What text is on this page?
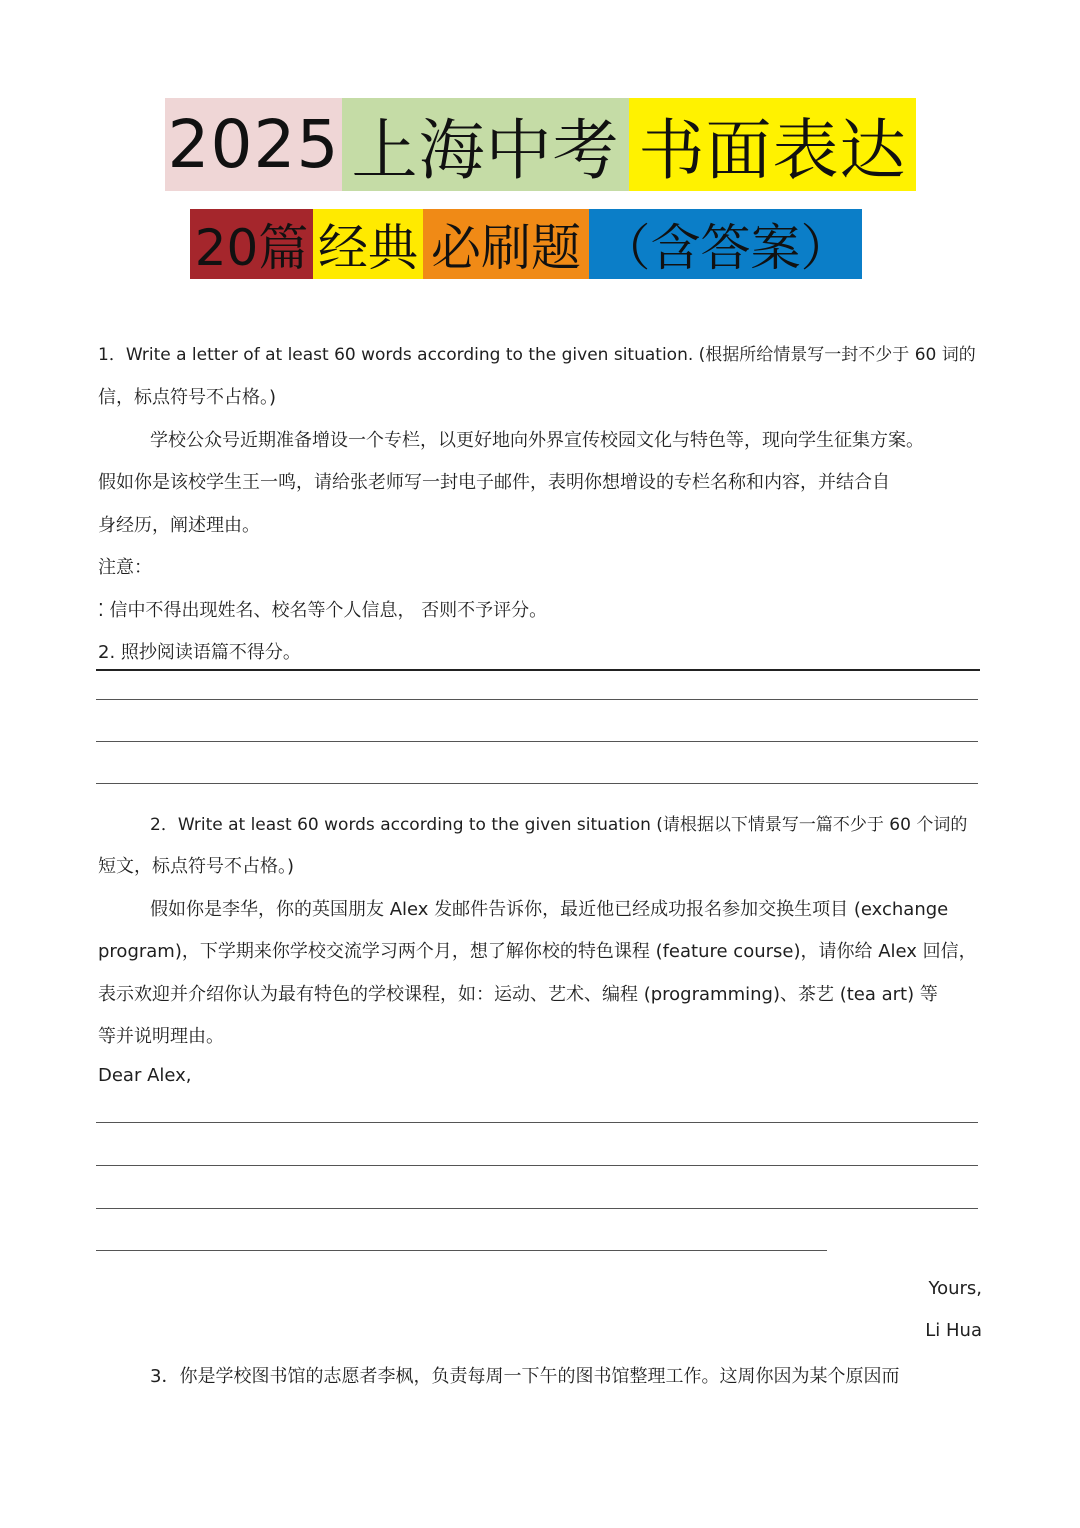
2025 上海中考 书面表达
20篇 经典 必刷题 （含答案）
1．Write a letter of at least 60 words according to the given situation. (根据所给情景写一封不少于 60 词的
信，标点符号不占格。)
学校公众号近期准备增设一个专栏，以更好地向外界宣传校园文化与特色等，现向学生征集方案。
假如你是该校学生王一鸣，请给张老师写一封电子邮件，表明你想增设的专栏名称和内容，并结合自
身经历，阐述理由。
注意：
⁚ 信中不得出现姓名、校名等个人信息， 否则不予评分。
2. 照抄阅读语篇不得分。
2．Write at least 60 words according to the given situation (请根据以下情景写一篇不少于 60 个词的
短文，标点符号不占格。)
假如你是李华，你的英国朋友 Alex 发邮件告诉你，最近他已经成功报名参加交换生项目 (exchange
program)，下学期来你学校交流学习两个月，想了解你校的特色课程 (feature course)，请你给 Alex 回信，
表示欢迎并介绍你认为最有特色的学校课程，如：运动、艺术、编程 (programming)、茶艺 (tea art) 等
等并说明理由。
Dear Alex,
Yours,
Li Hua
3．你是学校图书馆的志愿者李枫，负责每周一下午的图书馆整理工作。这周你因为某个原因而
